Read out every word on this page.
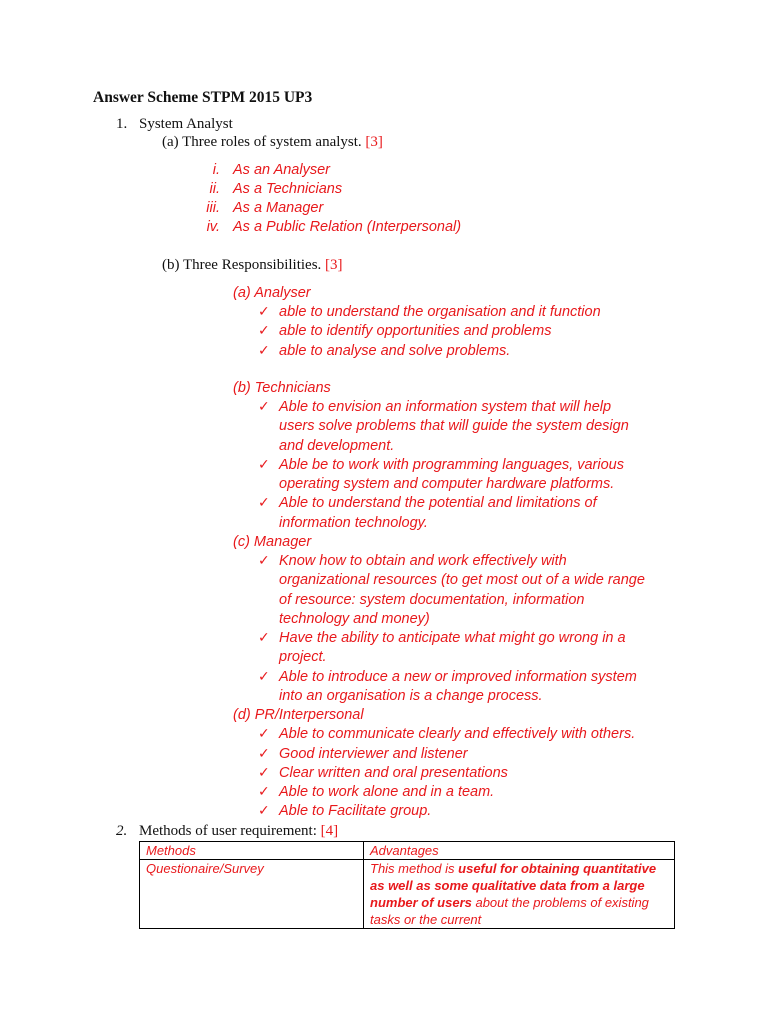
Answer Scheme STPM 2015 UP3
1. System Analyst
(a) Three roles of system analyst. [3]
i. As an Analyser
ii. As a Technicians
iii. As a Manager
iv. As a Public Relation (Interpersonal)
(b) Three Responsibilities. [3]
(a) Analyser
✓ able to understand the organisation and it function
✓ able to identify opportunities and problems
✓ able to analyse and solve problems.
(b) Technicians
✓ Able to envision an information system that will help
users solve problems that will guide the system design
and development.
✓ Able be to work with programming languages, various
operating system and computer hardware platforms.
✓ Able to understand the potential and limitations of
information technology.
(c) Manager
✓ Know how to obtain and work effectively with
organizational resources (to get most out of a wide range
of resource: system documentation, information
technology and money)
✓ Have the ability to anticipate what might go wrong in a
project.
✓ Able to introduce a new or improved information system
into an organisation is a change process.
(d) PR/Interpersonal
✓ Able to communicate clearly and effectively with others.
✓ Good interviewer and listener
✓ Clear written and oral presentations
✓ Able to work alone and in a team.
✓ Able to Facilitate group.
2. Methods of user requirement: [4]
Methods	Advantages
Questionaire/Survey	This method is useful for obtaining quantitative as well as some qualitative data from a large number of users about the problems of existing tasks or the current
